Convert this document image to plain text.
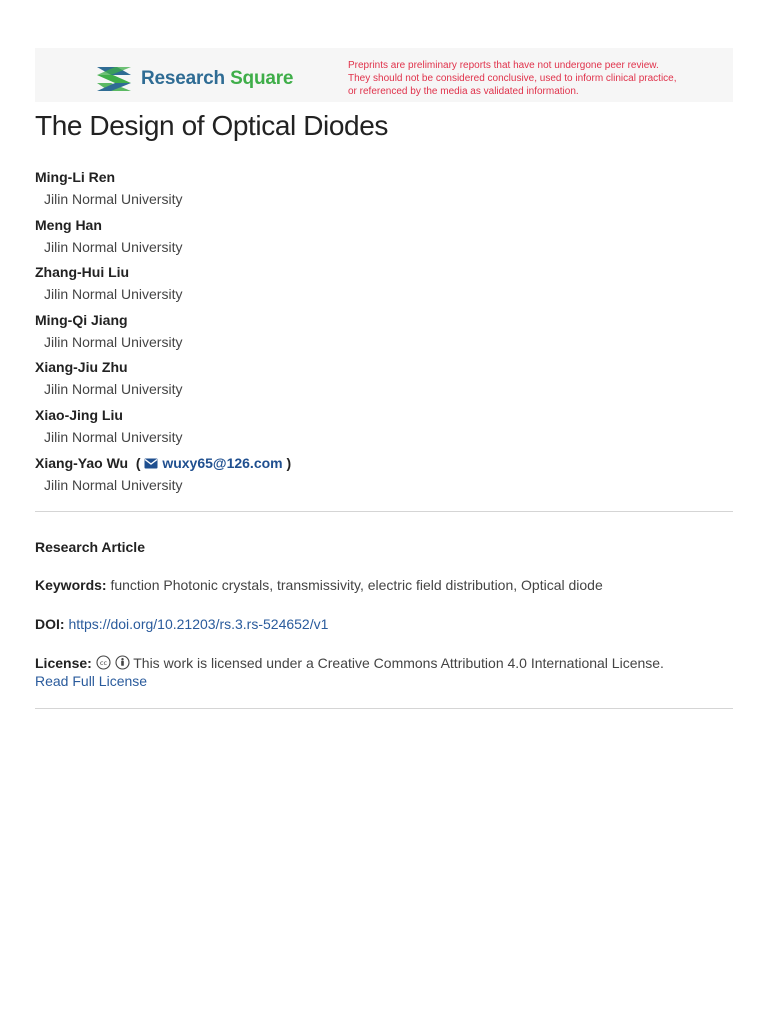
Research Square
Preprints are preliminary reports that have not undergone peer review.
They should not be considered conclusive, used to inform clinical practice,
or referenced by the media as validated information.
The Design of Optical Diodes
Ming-Li Ren
Jilin Normal University
Meng Han
Jilin Normal University
Zhang-Hui Liu
Jilin Normal University
Ming-Qi Jiang
Jilin Normal University
Xiang-Jiu Zhu
Jilin Normal University
Xiao-Jing Liu
Jilin Normal University
Xiang-Yao Wu ( wuxy65@126.com )
Jilin Normal University
Research Article
Keywords: function Photonic crystals, transmissivity, electric field distribution, Optical diode
DOI: https://doi.org/10.21203/rs.3.rs-524652/v1
License: cc This work is licensed under a Creative Commons Attribution 4.0 International License.
Read Full License
